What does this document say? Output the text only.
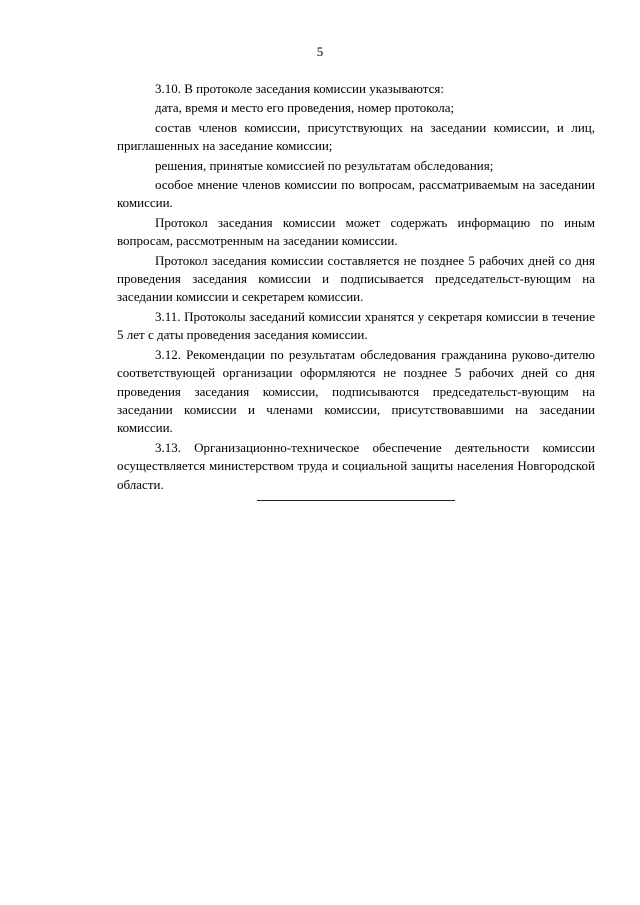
5

3.10. В протоколе заседания комиссии указываются:

дата, время и место его проведения, номер протокола;

состав членов комиссии, присутствующих на заседании комиссии, и лиц, приглашенных на заседание комиссии;

решения, принятые комиссией по результатам обследования;

особое мнение членов комиссии по вопросам, рассматриваемым на заседании комиссии.

Протокол заседания комиссии может содержать информацию по иным вопросам, рассмотренным на заседании комиссии.

Протокол заседания комиссии составляется не позднее 5 рабочих дней со дня проведения заседания комиссии и подписывается председательст-вующим на заседании комиссии и секретарем комиссии.

3.11. Протоколы заседаний комиссии хранятся у секретаря комиссии в течение 5 лет с даты проведения заседания комиссии.

3.12. Рекомендации по результатам обследования гражданина руково-дителю соответствующей организации оформляются не позднее 5 рабочих дней со дня проведения заседания комиссии, подписываются председательст-вующим на заседании комиссии и членами комиссии, присутствовавшими на заседании комиссии.

3.13. Организационно-техническое обеспечение деятельности комиссии осуществляется министерством труда и социальной защиты населения Новгородской области.
